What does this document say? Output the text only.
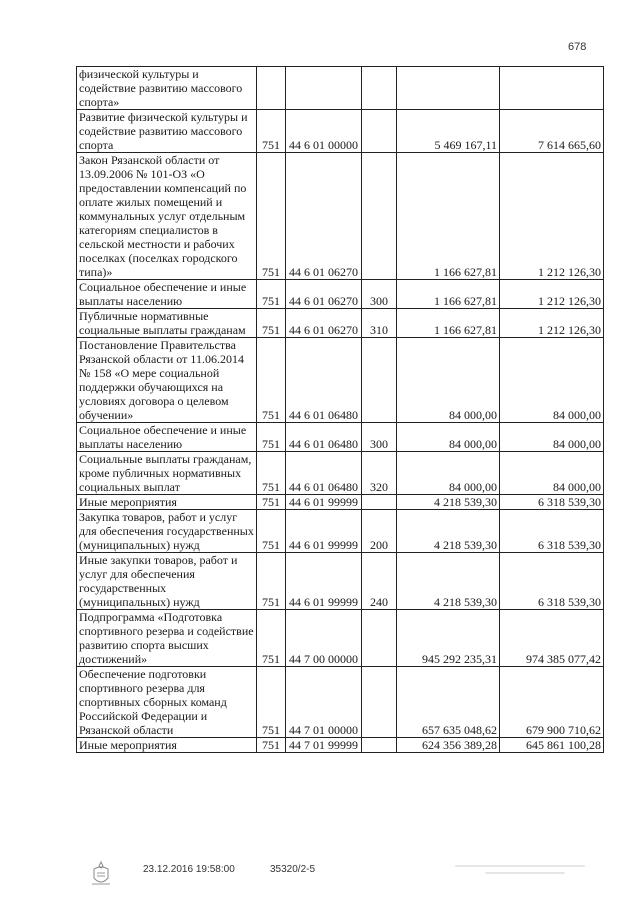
678
физической культуры и содействие развитию массового спорта»					
Развитие физической культуры и содействие развитию массового спорта	751	44 6 01 00000		5 469 167,11	7 614 665,60
Закон Рязанской области от 13.09.2006 № 101-ОЗ «О предоставлении компенсаций по оплате жилых помещений и коммунальных услуг отдельным категориям специалистов в сельской местности и рабочих поселках (поселках городского типа)»	751	44 6 01 06270		1 166 627,81	1 212 126,30
Социальное обеспечение и иные выплаты населению	751	44 6 01 06270	300	1 166 627,81	1 212 126,30
Публичные нормативные социальные выплаты гражданам	751	44 6 01 06270	310	1 166 627,81	1 212 126,30
Постановление Правительства Рязанской области от 11.06.2014 № 158 «О мере социальной поддержки обучающихся на условиях договора о целевом обучении»	751	44 6 01 06480		84 000,00	84 000,00
Социальное обеспечение и иные выплаты населению	751	44 6 01 06480	300	84 000,00	84 000,00
Социальные выплаты гражданам, кроме публичных нормативных социальных выплат	751	44 6 01 06480	320	84 000,00	84 000,00
Иные мероприятия	751	44 6 01 99999		4 218 539,30	6 318 539,30
Закупка товаров, работ и услуг для обеспечения государственных (муниципальных) нужд	751	44 6 01 99999	200	4 218 539,30	6 318 539,30
Иные закупки товаров, работ и услуг для обеспечения государственных (муниципальных) нужд	751	44 6 01 99999	240	4 218 539,30	6 318 539,30
Подпрограмма «Подготовка спортивного резерва и содействие развитию спорта высших достижений»	751	44 7 00 00000		945 292 235,31	974 385 077,42
Обеспечение подготовки спортивного резерва для спортивных сборных команд Российской Федерации и Рязанской области	751	44 7 01 00000		657 635 048,62	679 900 710,62
Иные мероприятия	751	44 7 01 99999		624 356 389,28	645 861 100,28
23.12.2016 19:58:00	35320/2-5
